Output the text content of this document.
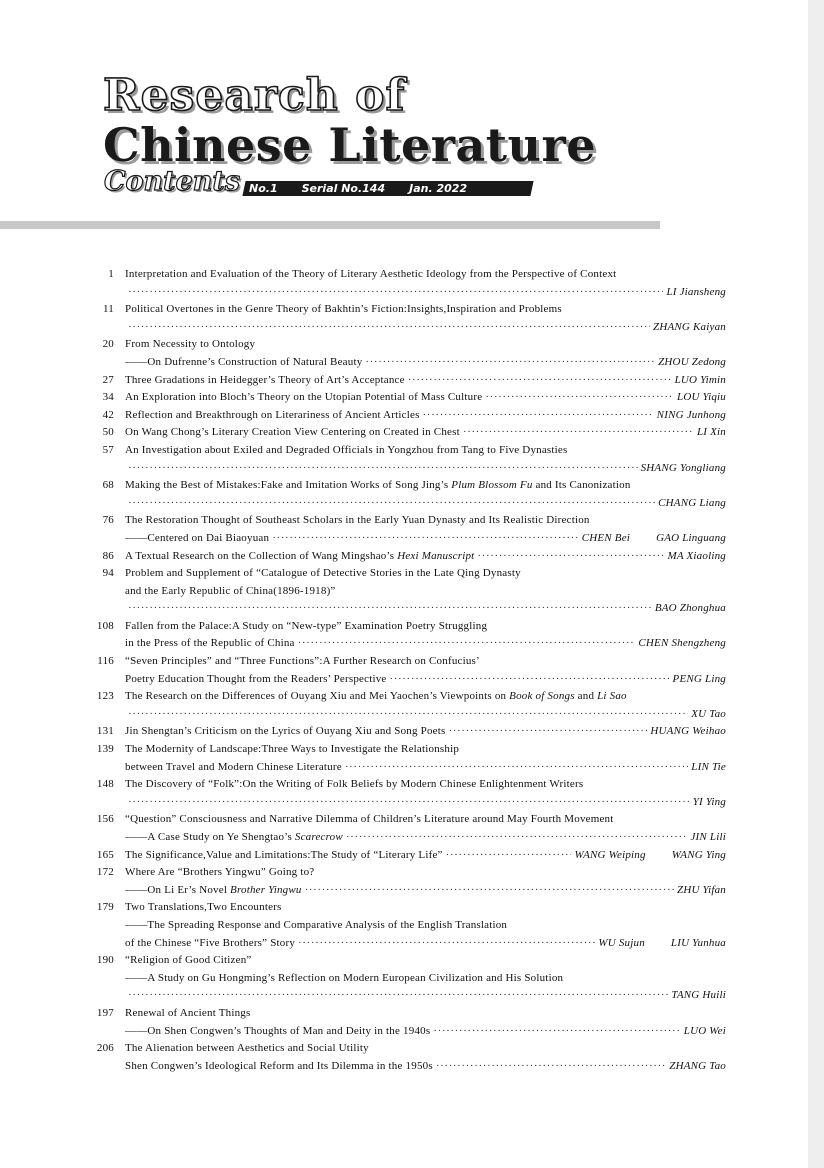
Research of
Chinese Literature
Contents No.1 Serial No.144 Jan. 2022
1 Interpretation and Evaluation of the Theory of Literary Aesthetic Ideology from the Perspective of Context
·····
LI Jiansheng
11 Political Overtones in the Genre Theory of Bakhtin’s Fiction:Insights,Inspiration and Problems
·····
ZHANG Kaiyan
20 From Necessity to Ontology
——On Dufrenne’s Construction of Natural Beauty ·····	ZHOU Zedong
27 Three Gradations in Heidegger’s Theory of Art’s Acceptance ·····	LUO Yimin
34 An Exploration into Bloch’s Theory on the Utopian Potential of Mass Culture ·····	LOU Yiqiu
42 Reflection and Breakthrough on Literariness of Ancient Articles ·····	NING Junhong
50 On Wang Chong’s Literary Creation View Centering on Created in Chest ·····	LI Xin
57 An Investigation about Exiled and Degraded Officials in Yongzhou from Tang to Five Dynasties
·····
SHANG Yongliang
68 Making the Best of Mistakes:Fake and Imitation Works of Song Jing’s Plum Blossom Fu and Its Canonization
·····
CHANG Liang
76 The Restoration Thought of Southeast Scholars in the Early Yuan Dynasty and Its Realistic Direction
——Centered on Dai Biaoyuan ·····	CHEN Bei GAO Linguang
86 A Textual Research on the Collection of Wang Mingshao’s Hexi Manuscript ·····	MA Xiaoling
94 Problem and Supplement of “Catalogue of Detective Stories in the Late Qing Dynasty
and the Early Republic of China(1896-1918)”
·····
BAO Zhonghua
108 Fallen from the Palace:A Study on “New-type” Examination Poetry Struggling
in the Press of the Republic of China ·····	CHEN Shengzheng
116 “Seven Principles” and “Three Functions”:A Further Research on Confucius’
Poetry Education Thought from the Readers’ Perspective ·····	PENG Ling
123 The Research on the Differences of Ouyang Xiu and Mei Yaochen’s Viewpoints on Book of Songs and Li Sao
·····
XU Tao
131 Jin Shengtan’s Criticism on the Lyrics of Ouyang Xiu and Song Poets ·····	HUANG Weihao
139 The Modernity of Landscape:Three Ways to Investigate the Relationship
between Travel and Modern Chinese Literature ·····	LIN Tie
148 The Discovery of “Folk”:On the Writing of Folk Beliefs by Modern Chinese Enlightenment Writers
·····
YI Ying
156 “Question” Consciousness and Narrative Dilemma of Children’s Literature around May Fourth Movement
——A Case Study on Ye Shengtao’s Scarecrow ·····	JIN Lili
165 The Significance,Value and Limitations:The Study of “Literary Life” ·····	WANG Weiping WANG Ying
172 Where Are “Brothers Yingwu” Going to?
——On Li Er’s Novel Brother Yingwu ·····	ZHU Yifan
179 Two Translations,Two Encounters
——The Spreading Response and Comparative Analysis of the English Translation
of the Chinese “Five Brothers” Story ·····	WU Sujun LIU Yunhua
190 “Religion of Good Citizen”
——A Study on Gu Hongming’s Reflection on Modern European Civilization and His Solution
·····
TANG Huili
197 Renewal of Ancient Things
——On Shen Congwen’s Thoughts of Man and Deity in the 1940s ·····	LUO Wei
206 The Alienation between Aesthetics and Social Utility
Shen Congwen’s Ideological Reform and Its Dilemma in the 1950s ·····	ZHANG Tao
